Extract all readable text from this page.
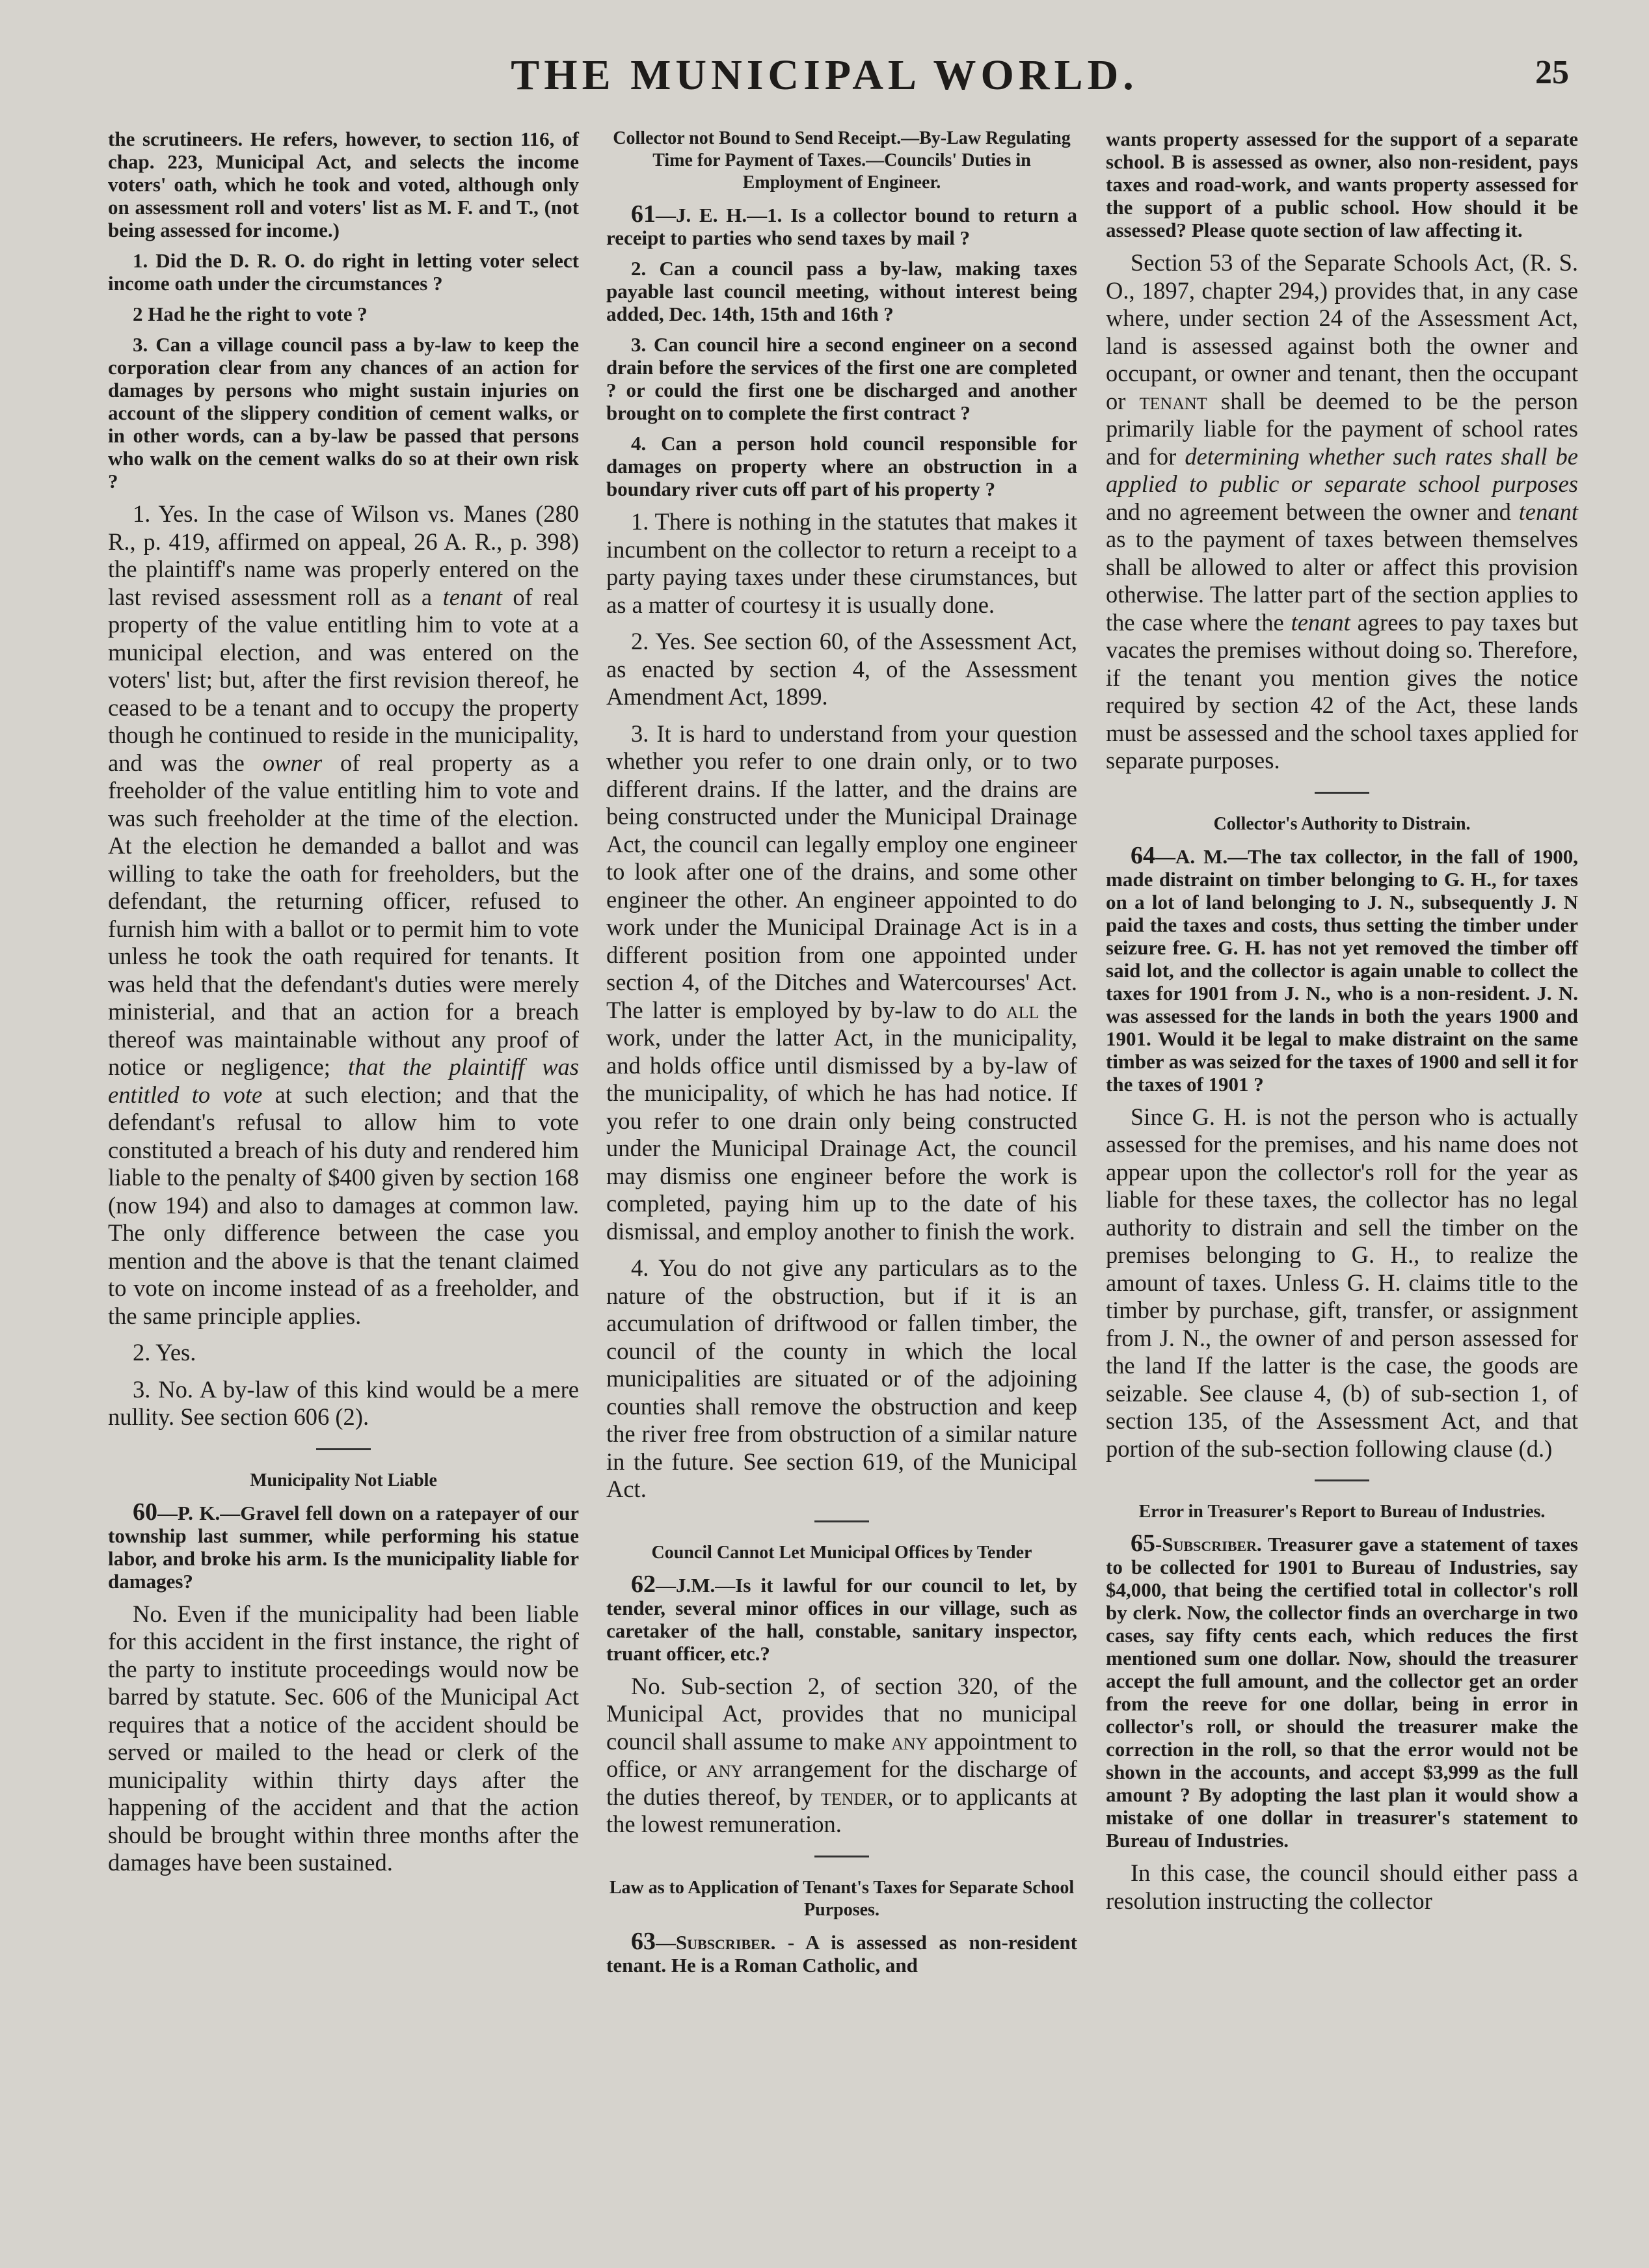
THE MUNICIPAL WORLD.	25

the scrutineers. He refers, however, to section 116, of chap. 223, Municipal Act, and selects the income voters' oath, which he took and voted, although only on assessment roll and voters' list as M. F. and T., (not being assessed for income.)

1. Did the D. R. O. do right in letting voter select income oath under the circumstances ?

2 Had he the right to vote ?

3. Can a village council pass a by-law to keep the corporation clear from any chances of an action for damages by persons who might sustain injuries on account of the slippery condition of cement walks, or in other words, can a by-law be passed that persons who walk on the cement walks do so at their own risk ?

1. Yes. In the case of Wilson vs. Manes (280 R., p. 419, affirmed on appeal, 26 A. R., p. 398) the plaintiff's name was properly entered on the last revised assessment roll as a tenant of real property of the value entitling him to vote at a municipal election, and was entered on the voters' list; but, after the first revision thereof, he ceased to be a tenant and to occupy the property though he continued to reside in the municipality, and was the owner of real property as a freeholder of the value entitling him to vote and was such freeholder at the time of the election. At the election he demanded a ballot and was willing to take the oath for freeholders, but the defendant, the returning officer, refused to furnish him with a ballot or to permit him to vote unless he took the oath required for tenants. It was held that the defendant's duties were merely ministerial, and that an action for a breach thereof was maintainable without any proof of notice or negligence; that the plaintiff was entitled to vote at such election; and that the defendant's refusal to allow him to vote constituted a breach of his duty and rendered him liable to the penalty of $400 given by section 168 (now 194) and also to damages at common law. The only difference between the case you mention and the above is that the tenant claimed to vote on income instead of as a freeholder, and the same principle applies.

2. Yes.

3. No. A by-law of this kind would be a mere nullity. See section 606 (2).

Municipality Not Liable

60—P. K.—Gravel fell down on a ratepayer of our township last summer, while performing his statue labor, and broke his arm. Is the municipality liable for damages?

No. Even if the municipality had been liable for this accident in the first instance, the right of the party to institute proceedings would now be barred by statute. Sec. 606 of the Municipal Act requires that a notice of the accident should be served or mailed to the head or clerk of the municipality within thirty days after the happening of the accident and that the action should be brought within three months after the damages have been sustained.

Collector not Bound to Send Receipt.—By-Law Regulating Time for Payment of Taxes.—Councils' Duties in Employment of Engineer.

61—J. E. H.—1. Is a collector bound to return a receipt to parties who send taxes by mail ?

2. Can a council pass a by-law, making taxes payable last council meeting, without interest being added, Dec. 14th, 15th and 16th ?

3. Can council hire a second engineer on a second drain before the services of the first one are completed ? or could the first one be discharged and another brought on to complete the first contract ?

4. Can a person hold council responsible for damages on property where an obstruction in a boundary river cuts off part of his property ?

1. There is nothing in the statutes that makes it incumbent on the collector to return a receipt to a party paying taxes under these cirumstances, but as a matter of courtesy it is usually done.

2. Yes. See section 60, of the Assessment Act, as enacted by section 4, of the Assessment Amendment Act, 1899.

3. It is hard to understand from your question whether you refer to one drain only, or to two different drains. If the latter, and the drains are being constructed under the Municipal Drainage Act, the council can legally employ one engineer to look after one of the drains, and some other engineer the other. An engineer appointed to do work under the Municipal Drainage Act is in a different position from one appointed under section 4, of the Ditches and Watercourses' Act. The latter is employed by by-law to do all the work, under the latter Act, in the municipality, and holds office until dismissed by a by-law of the municipality, of which he has had notice. If you refer to one drain only being constructed under the Municipal Drainage Act, the council may dismiss one engineer before the work is completed, paying him up to the date of his dismissal, and employ another to finish the work.

4. You do not give any particulars as to the nature of the obstruction, but if it is an accumulation of driftwood or fallen timber, the council of the county in which the local municipalities are situated or of the adjoining counties shall remove the obstruction and keep the river free from obstruction of a similar nature in the future. See section 619, of the Municipal Act.

Council Cannot Let Municipal Offices by Tender

62—J.M.—Is it lawful for our council to let, by tender, several minor offices in our village, such as caretaker of the hall, constable, sanitary inspector, truant officer, etc.?

No. Sub-section 2, of section 320, of the Municipal Act, provides that no municipal council shall assume to make any appointment to office, or any arrangement for the discharge of the duties thereof, by tender, or to applicants at the lowest remuneration.

Law as to Application of Tenant's Taxes for Separate School Purposes.

63—Subscriber. - A is assessed as non-resident tenant. He is a Roman Catholic, and

wants property assessed for the support of a separate school. B is assessed as owner, also non-resident, pays taxes and road-work, and wants property assessed for the support of a public school. How should it be assessed? Please quote section of law affecting it.

Section 53 of the Separate Schools Act, (R. S. O., 1897, chapter 294,) provides that, in any case where, under section 24 of the Assessment Act, land is assessed against both the owner and occupant, or owner and tenant, then the occupant or tenant shall be deemed to be the person primarily liable for the payment of school rates and for determining whether such rates shall be applied to public or separate school purposes and no agreement between the owner and tenant as to the payment of taxes between themselves shall be allowed to alter or affect this provision otherwise. The latter part of the section applies to the case where the tenant agrees to pay taxes but vacates the premises without doing so. Therefore, if the tenant you mention gives the notice required by section 42 of the Act, these lands must be assessed and the school taxes applied for separate purposes.

Collector's Authority to Distrain.

64—A. M.—The tax collector, in the fall of 1900, made distraint on timber belonging to G. H., for taxes on a lot of land belonging to J. N., subsequently J. N paid the taxes and costs, thus setting the timber under seizure free. G. H. has not yet removed the timber off said lot, and the collector is again unable to collect the taxes for 1901 from J. N., who is a non-resident. J. N. was assessed for the lands in both the years 1900 and 1901. Would it be legal to make distraint on the same timber as was seized for the taxes of 1900 and sell it for the taxes of 1901 ?

Since G. H. is not the person who is actually assessed for the premises, and his name does not appear upon the collector's roll for the year as liable for these taxes, the collector has no legal authority to distrain and sell the timber on the premises belonging to G. H., to realize the amount of taxes. Unless G. H. claims title to the timber by purchase, gift, transfer, or assignment from J. N., the owner of and person assessed for the land If the latter is the case, the goods are seizable. See clause 4, (b) of sub-section 1, of section 135, of the Assessment Act, and that portion of the sub-section following clause (d.)

Error in Treasurer's Report to Bureau of Industries.

65-Subscriber. Treasurer gave a statement of taxes to be collected for 1901 to Bureau of Industries, say $4,000, that being the certified total in collector's roll by clerk. Now, the collector finds an overcharge in two cases, say fifty cents each, which reduces the first mentioned sum one dollar. Now, should the treasurer accept the full amount, and the collector get an order from the reeve for one dollar, being in error in collector's roll, or should the treasurer make the correction in the roll, so that the error would not be shown in the accounts, and accept $3,999 as the full amount ? By adopting the last plan it would show a mistake of one dollar in treasurer's statement to Bureau of Industries.

In this case, the council should either pass a resolution instructing the collector
